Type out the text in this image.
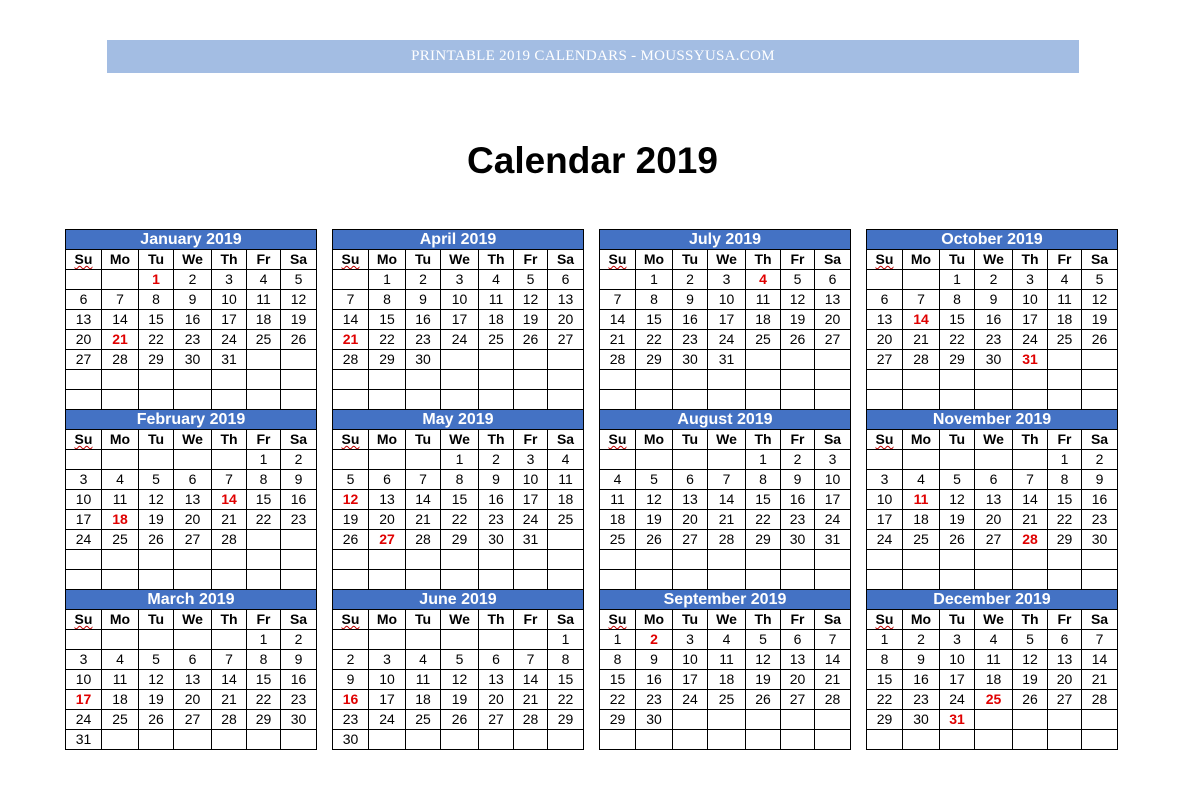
PRINTABLE 2019 CALENDARS - MOUSSYUSA.COM
Calendar 2019
January 2019								April 2019								July 2019								October 2019						
Su	Mo	Tu	We	Th	Fr	Sa		Su	Mo	Tu	We	Th	Fr	Sa		Su	Mo	Tu	We	Th	Fr	Sa		Su	Mo	Tu	We	Th	Fr	Sa
		1	2	3	4	5			1	2	3	4	5	6			1	2	3	4	5	6				1	2	3	4	5
6	7	8	9	10	11	12		7	8	9	10	11	12	13		7	8	9	10	11	12	13		6	7	8	9	10	11	12
13	14	15	16	17	18	19		14	15	16	17	18	19	20		14	15	16	17	18	19	20		13	14	15	16	17	18	19
20	21	22	23	24	25	26		21	22	23	24	25	26	27		21	22	23	24	25	26	27		20	21	22	23	24	25	26
27	28	29	30	31				28	29	30						28	29	30	31					27	28	29	30	31		

February 2019								May 2019								August 2019								November 2019						
Su	Mo	Tu	We	Th	Fr	Sa		Su	Mo	Tu	We	Th	Fr	Sa		Su	Mo	Tu	We	Th	Fr	Sa		Su	Mo	Tu	We	Th	Fr	Sa
					1	2					1	2	3	4						1	2	3							1	2
3	4	5	6	7	8	9		5	6	7	8	9	10	11		4	5	6	7	8	9	10		3	4	5	6	7	8	9
10	11	12	13	14	15	16		12	13	14	15	16	17	18		11	12	13	14	15	16	17		10	11	12	13	14	15	16
17	18	19	20	21	22	23		19	20	21	22	23	24	25		18	19	20	21	22	23	24		17	18	19	20	21	22	23
24	25	26	27	28				26	27	28	29	30	31			25	26	27	28	29	30	31		24	25	26	27	28	29	30

March 2019								June 2019								September 2019								December 2019						
Su	Mo	Tu	We	Th	Fr	Sa		Su	Mo	Tu	We	Th	Fr	Sa		Su	Mo	Tu	We	Th	Fr	Sa		Su	Mo	Tu	We	Th	Fr	Sa
					1	2								1		1	2	3	4	5	6	7		1	2	3	4	5	6	7
3	4	5	6	7	8	9		2	3	4	5	6	7	8		8	9	10	11	12	13	14		8	9	10	11	12	13	14
10	11	12	13	14	15	16		9	10	11	12	13	14	15		15	16	17	18	19	20	21		15	16	17	18	19	20	21
17	18	19	20	21	22	23		16	17	18	19	20	21	22		22	23	24	25	26	27	28		22	23	24	25	26	27	28
24	25	26	27	28	29	30		23	24	25	26	27	28	29		29	30							29	30	31				
31								30																						
